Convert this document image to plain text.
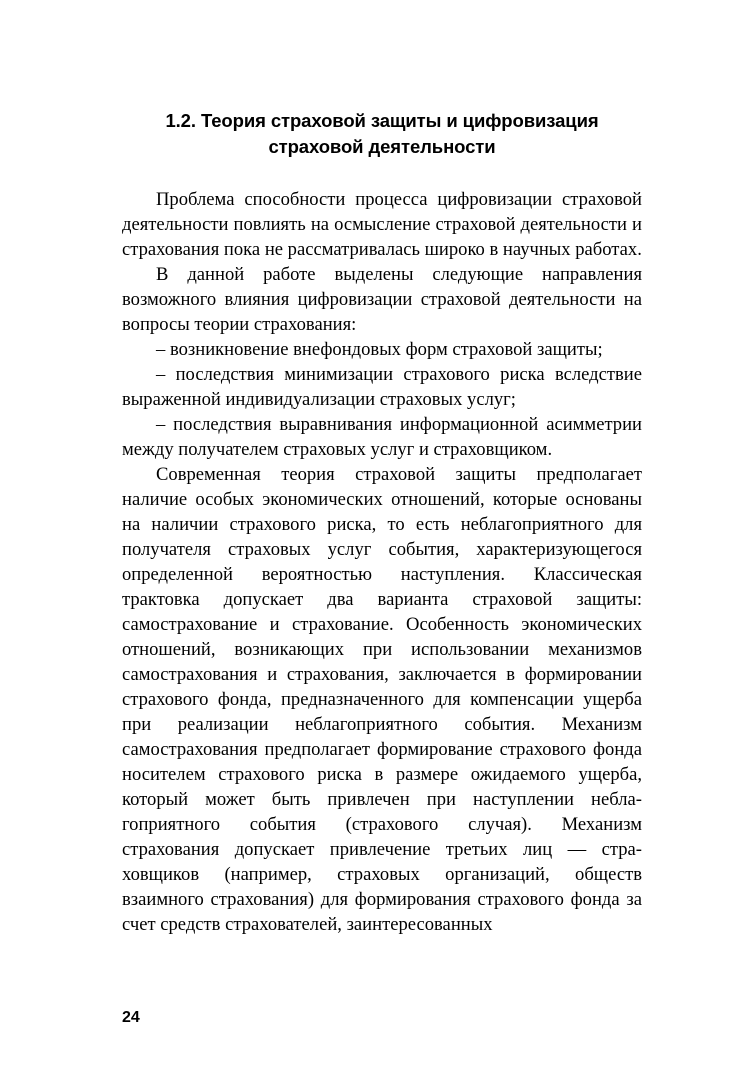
1.2. Теория страховой защиты и цифровизация
страховой деятельности

Проблема способности процесса цифровизации страховой деятельности повлиять на осмысление страховой деятельности и страхования пока не рассматривалась широко в научных работах.

В данной работе выделены следующие направления возможного влияния цифровизации страховой деятельности на вопросы теории страхования:

– возникновение внефондовых форм страховой защиты;

– последствия минимизации страхового риска вследствие выраженной индивидуализации страховых услуг;

– последствия выравнивания информационной асимметрии между получателем страховых услуг и страховщиком.

Современная теория страховой защиты предполагает наличие особых экономических отношений, которые основаны на наличии страхового риска, то есть неблагоприятного для получателя страховых услуг события, характеризующегося определенной вероятностью наступления. Классическая трактовка допускает два варианта страховой защиты: самострахование и страхование. Особенность экономических отношений, возникающих при использовании механизмов самострахования и страхования, заключается в формировании страхового фонда, предназначенного для компенсации ущерба при реализации неблагоприятного события. Механизм самострахования предполагает формирование страхового фонда носителем страхового риска в размере ожидаемого ущерба, который может быть привлечен при наступлении неблагоприятного события (страхового случая). Механизм страхования допускает привлечение третьих лиц — страховщиков (например, страховых организаций, обществ взаимного страхования) для формирования страхового фонда за счет средств страхователей, заинтересованных

24
